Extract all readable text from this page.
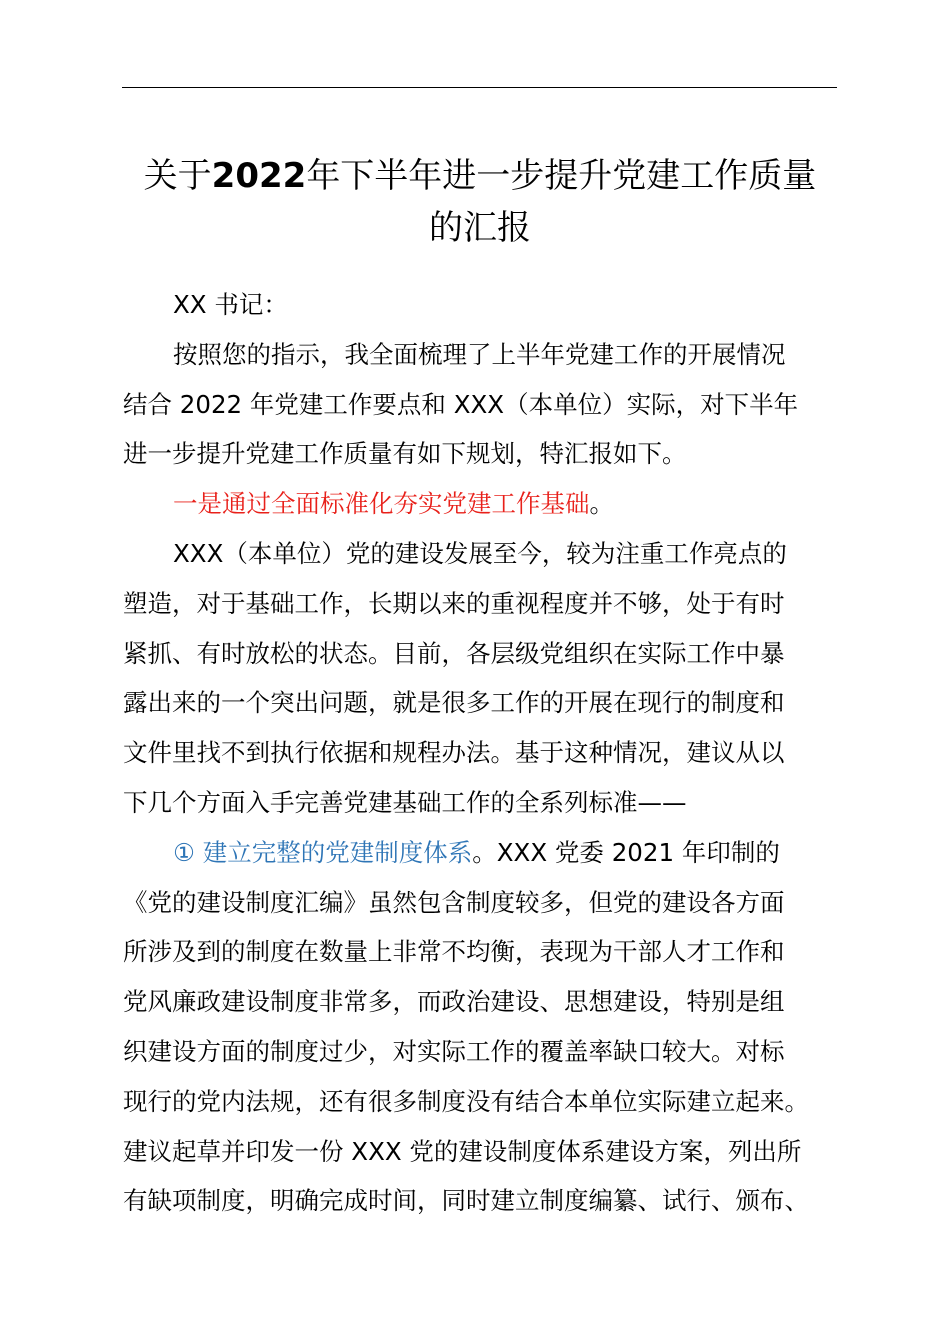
关于2022年下半年进一步提升党建工作质量
的汇报
XX 书记：
按照您的指示，我全面梳理了上半年党建工作的开展情况
结合 2022 年党建工作要点和 XXX（本单位）实际，对下半年
进一步提升党建工作质量有如下规划，特汇报如下。
一是通过全面标准化夯实党建工作基础。
XXX（本单位）党的建设发展至今，较为注重工作亮点的
塑造，对于基础工作，长期以来的重视程度并不够，处于有时
紧抓、有时放松的状态。目前，各层级党组织在实际工作中暴
露出来的一个突出问题，就是很多工作的开展在现行的制度和
文件里找不到执行依据和规程办法。基于这种情况，建议从以
下几个方面入手完善党建基础工作的全系列标准——
① 建立完整的党建制度体系。XXX 党委 2021 年印制的
《党的建设制度汇编》虽然包含制度较多，但党的建设各方面
所涉及到的制度在数量上非常不均衡，表现为干部人才工作和
党风廉政建设制度非常多，而政治建设、思想建设，特别是组
织建设方面的制度过少，对实际工作的覆盖率缺口较大。对标
现行的党内法规，还有很多制度没有结合本单位实际建立起来。
建议起草并印发一份 XXX 党的建设制度体系建设方案，列出所
有缺项制度，明确完成时间，同时建立制度编纂、试行、颁布、
